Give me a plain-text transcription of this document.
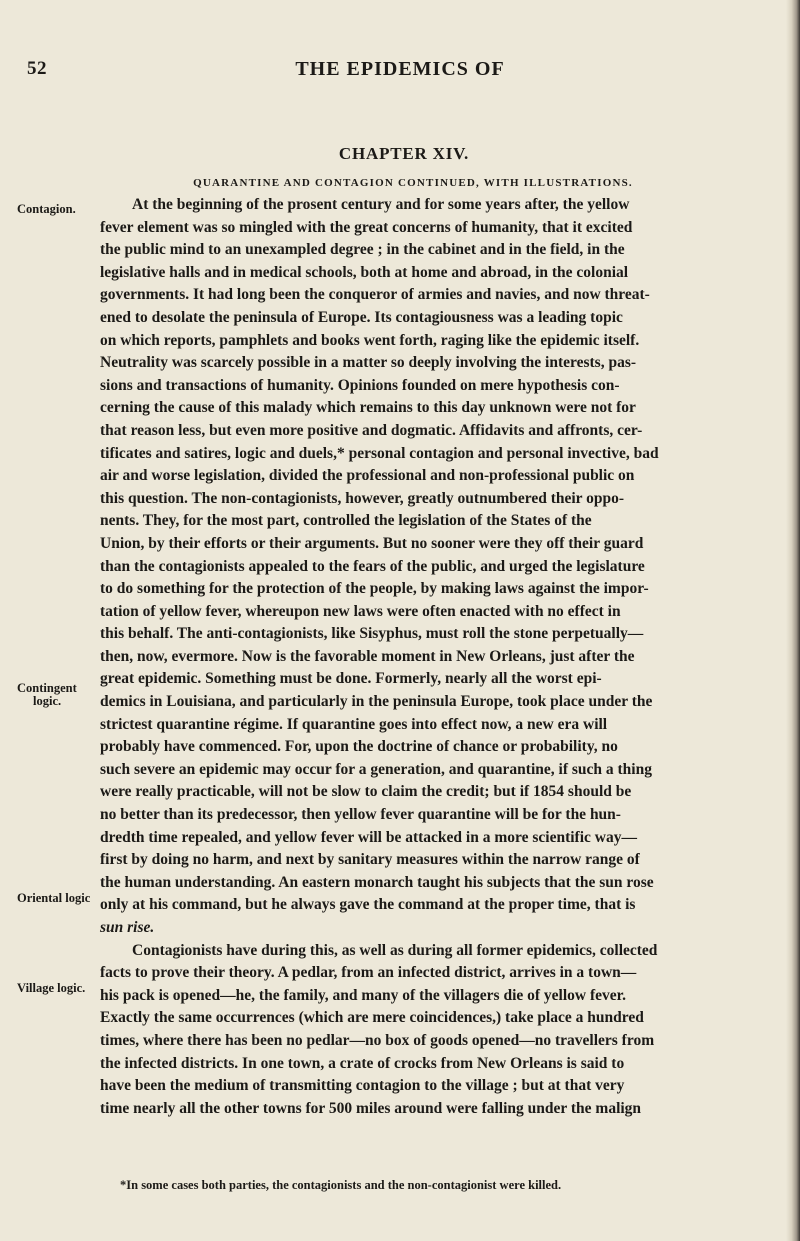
52	THE EPIDEMICS OF
CHAPTER XIV.
QUARANTINE AND CONTAGION CONTINUED, WITH ILLUSTRATIONS.
Contagion.
Contingent
logic.
Oriental logic
Village logic.
At the beginning of the prosent century and for some years after, the yellow
fever element was so mingled with the great concerns of humanity, that it excited
the public mind to an unexampled degree ; in the cabinet and in the field, in the
legislative halls and in medical schools, both at home and abroad, in the colonial
governments. It had long been the conqueror of armies and navies, and now threat-
ened to desolate the peninsula of Europe. Its contagiousness was a leading topic
on which reports, pamphlets and books went forth, raging like the epidemic itself.
Neutrality was scarcely possible in a matter so deeply involving the interests, pas-
sions and transactions of humanity. Opinions founded on mere hypothesis con-
cerning the cause of this malady which remains to this day unknown were not for
that reason less, but even more positive and dogmatic. Affidavits and affronts, cer-
tificates and satires, logic and duels,* personal contagion and personal invective, bad
air and worse legislation, divided the professional and non-professional public on
this question. The non-contagionists, however, greatly outnumbered their oppo-
nents. They, for the most part, controlled the legislation of the States of the
Union, by their efforts or their arguments. But no sooner were they off their guard
than the contagionists appealed to the fears of the public, and urged the legislature
to do something for the protection of the people, by making laws against the impor-
tation of yellow fever, whereupon new laws were often enacted with no effect in
this behalf. The anti-contagionists, like Sisyphus, must roll the stone perpetually—
then, now, evermore. Now is the favorable moment in New Orleans, just after the
great epidemic. Something must be done. Formerly, nearly all the worst epi-
demics in Louisiana, and particularly in the peninsula Europe, took place under the
strictest quarantine régime. If quarantine goes into effect now, a new era will
probably have commenced. For, upon the doctrine of chance or probability, no
such severe an epidemic may occur for a generation, and quarantine, if such a thing
were really practicable, will not be slow to claim the credit; but if 1854 should be
no better than its predecessor, then yellow fever quarantine will be for the hun-
dredth time repealed, and yellow fever will be attacked in a more scientific way—
first by doing no harm, and next by sanitary measures within the narrow range of
the human understanding. An eastern monarch taught his subjects that the sun rose
only at his command, but he always gave the command at the proper time, that is
sun rise.
Contagionists have during this, as well as during all former epidemics, collected
facts to prove their theory. A pedlar, from an infected district, arrives in a town—
his pack is opened—he, the family, and many of the villagers die of yellow fever.
Exactly the same occurrences (which are mere coincidences,) take place a hundred
times, where there has been no pedlar—no box of goods opened—no travellers from
the infected districts. In one town, a crate of crocks from New Orleans is said to
have been the medium of transmitting contagion to the village ; but at that very
time nearly all the other towns for 500 miles around were falling under the malign
*In some cases both parties, the contagionists and the non-contagionist were killed.
